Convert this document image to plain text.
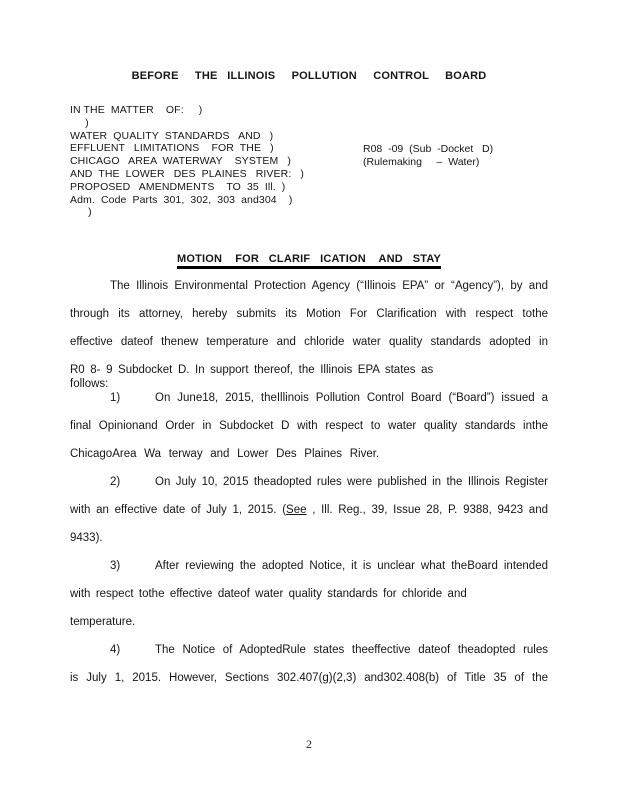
BEFORE     THE   ILLINOIS     POLLUTION     CONTROL     BOARD
IN THE  MATTER    OF:     )
)
WATER  QUALITY  STANDARDS   AND   )
EFFLUENT   LIMITATIONS    FOR  THE   )
CHICAGO   AREA  WATERWAY    SYSTEM   )
AND  THE  LOWER   DES  PLAINES   RIVER:   )
PROPOSED   AMENDMENTS    TO  35  Ill.  )
Adm.  Code  Parts  301,  302,  303  and304    )
)
R08  -09  (Sub  -Docket   D)
(Rulemaking     –  Water)
MOTION    FOR   CLARIF   ICATION    AND   STAY
The Illinois Environmental Protection Agency (“Illinois EPA” or “Agency”), by and
through its attorney, hereby submits its Motion For Clarification with respect tothe
effective dateof thenew temperature and chloride water quality standards adopted in
R0 8- 9 Subdocket D. In support thereof, the Illinois EPA states as follows:
1)	On June18, 2015, theIllinois Pollution Control Board (“Board”) issued a
final Opinionand Order in Subdocket D with respect to water quality standards inthe
ChicagoArea Wa terway and Lower Des Plaines River.
2)	On July 10, 2015 theadopted rules were published in the Illinois Register
with an effective date of July 1, 2015. (See , Ill. Reg., 39, Issue 28, P. 9388, 9423 and
9433).
3)	After reviewing the adopted Notice, it is unclear what theBoard intended
with respect tothe effective dateof water quality standards for chloride and
temperature.
4)	The Notice of AdoptedRule states theeffective dateof theadopted rules
is July 1, 2015. However, Sections 302.407(g)(2,3) and302.408(b) of Title 35 of the
2
